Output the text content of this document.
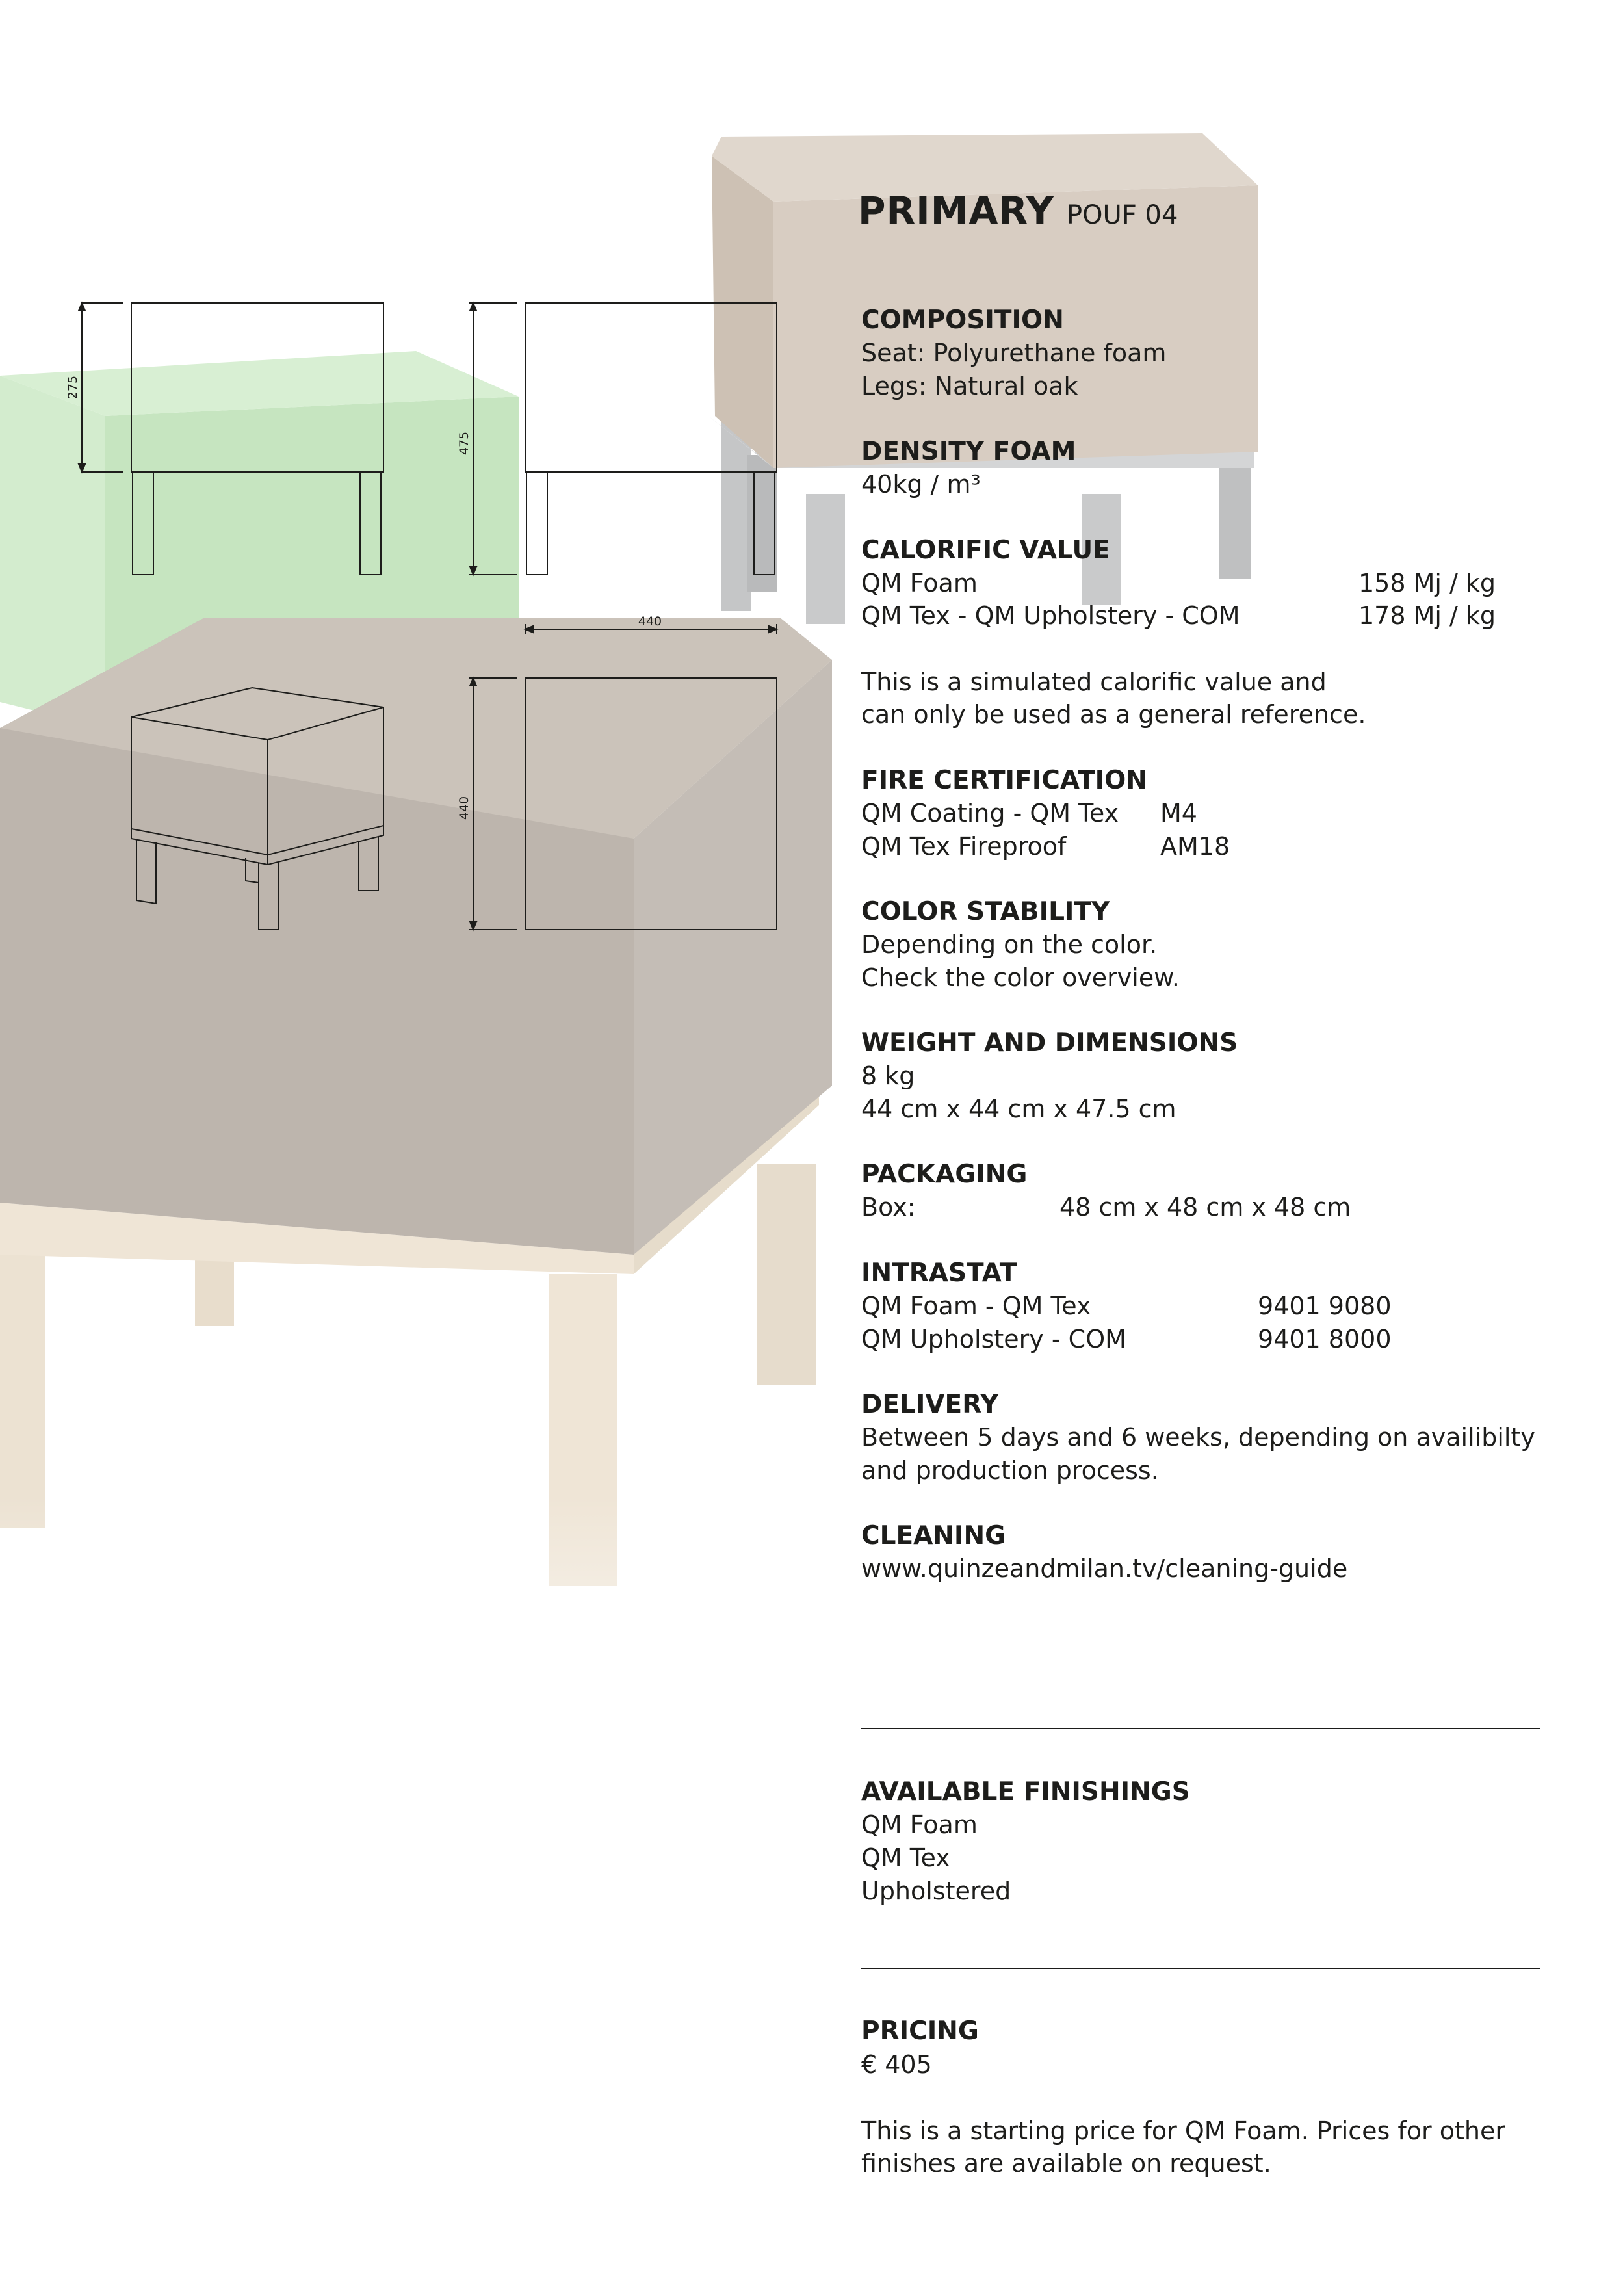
275
475
440
440
PRIMARY POUF 04
COMPOSITION
Seat: Polyurethane foam
Legs: Natural oak
DENSITY FOAM
40kg / m³
CALORIFIC VALUE
QM Foam	158 Mj / kg
QM Tex - QM Upholstery - COM	178 Mj / kg
This is a simulated calorific value and
can only be used as a general reference.
FIRE CERTIFICATION
QM Coating - QM Tex M4
QM Tex Fireproof	AM18
COLOR STABILITY
Depending on the color.
Check the color overview.
WEIGHT AND DIMENSIONS
8 kg
44 cm x 44 cm x 47.5 cm
PACKAGING
Box:	48 cm x 48 cm x 48 cm
INTRASTAT
QM Foam - QM Tex	9401 9080
QM Upholstery - COM	9401 8000
DELIVERY
Between 5 days and 6 weeks, depending on availibilty
and production process.
CLEANING
www.quinzeandmilan.tv/cleaning-guide
AVAILABLE FINISHINGS
QM Foam
QM Tex
Upholstered
PRICING
€ 405
This is a starting price for QM Foam. Prices for other
finishes are available on request.
